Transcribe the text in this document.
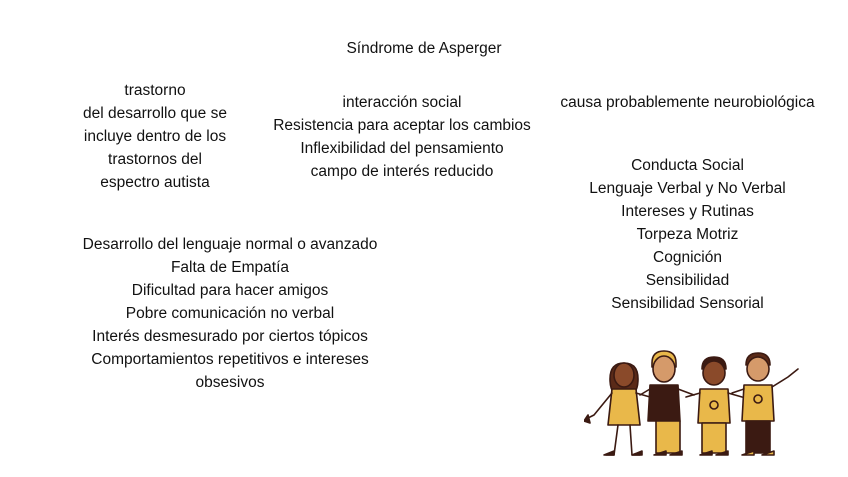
Síndrome de Asperger
trastorno
del desarrollo que se
incluye dentro de los
trastornos del
espectro autista
interacción social
Resistencia para aceptar los cambios
Inflexibilidad del pensamiento
campo de interés reducido
causa probablemente neurobiológica
Conducta Social
Lenguaje Verbal y No Verbal
Intereses y Rutinas
Torpeza Motriz
Cognición
Sensibilidad
Sensibilidad Sensorial
Desarrollo del lenguaje normal o avanzado
Falta de Empatía
Dificultad para hacer amigos
Pobre comunicación no verbal
Interés desmesurado por ciertos tópicos
Comportamientos repetitivos e intereses
obsesivos
